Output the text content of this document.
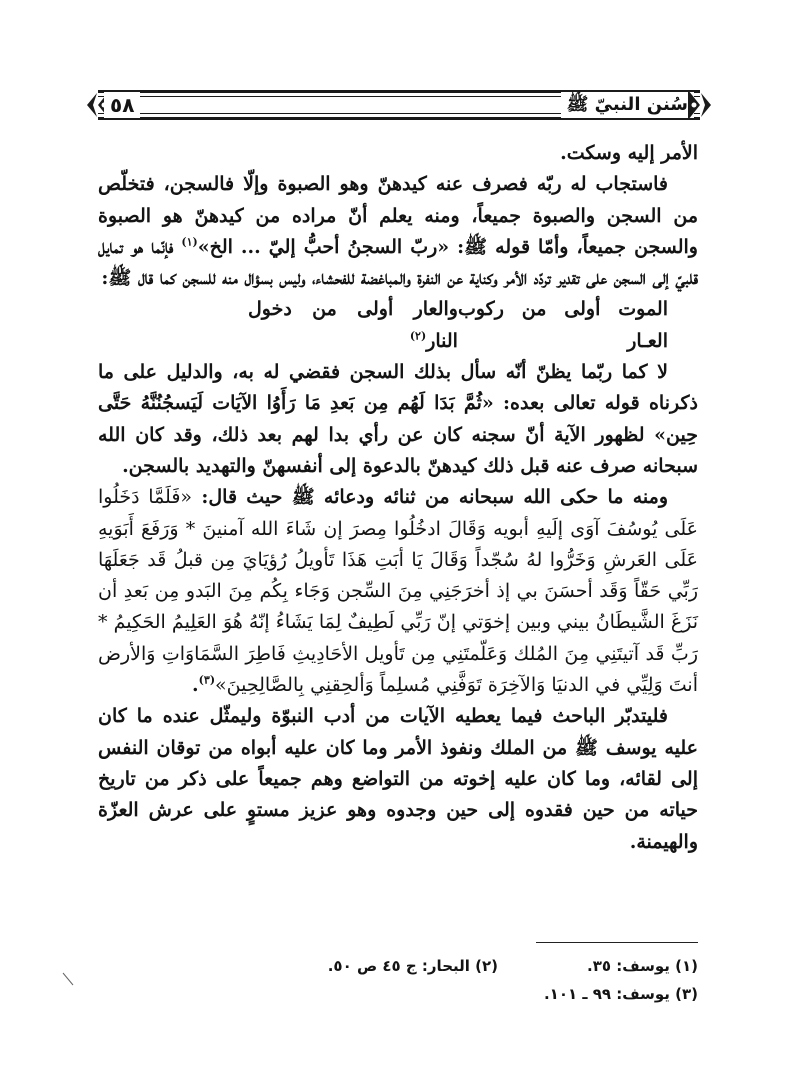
٥٨	سُنن النبيّ ﷺ

الأمر إليه وسكت.

فاستجاب له ربّه فصرف عنه كيدهنّ وهو الصبوة وإلّا فالسجن، فتخلّص من السجن والصبوة جميعاً، ومنه يعلم أنّ مراده من كيدهنّ هو الصبوة والسجن جميعاً، وأمّا قوله ﷺ: «ربّ السجنُ أحبُّ إليّ ... الخ»$^{(١)}$ فإنّما هو تمايل قلبيّ إلى السجن على تقدير تردّد الأمر وكناية عن النفرة والمباغضة للفحشاء، وليس بسؤال منه للسجن كما قال ﷺ:

الموت أولى من ركوب العـار
والعار أولى من دخول النار$^{(٢)}$

لا كما ربّما يظنّ أنّه سأل بذلك السجن فقضي له به، والدليل على ما ذكرناه قوله تعالى بعده: «ثُمَّ بَدَا لَهُم مِن بَعدِ مَا رَأَوُا الآيَات لَيَسجُنُنَّهُ حَتَّى حِين» لظهور الآية أنّ سجنه كان عن رأي بدا لهم بعد ذلك، وقد كان الله سبحانه صرف عنه قبل ذلك كيدهنّ بالدعوة إلى أنفسهنّ والتهديد بالسجن.

ومنه ما حكى الله سبحانه من ثنائه ودعائه ﷺ حيث قال: «فَلَمَّا دَخَلُوا عَلَى يُوسُفَ آوَى إلَيهِ أبويه وَقَالَ ادخُلُوا مِصرَ إن شَاءَ الله آمنينَ * وَرَفَعَ أَبَوَيهِ عَلَى العَرشِ وَخَرُّوا لهُ سُجّداً وَقَالَ يَا أبَتِ هَذَا تَأويلُ رُؤيَايَ مِن قبلُ قَد جَعَلَهَا رَبِّي حَقّاً وَقَد أحسَنَ بي إذ أخرَجَنِي مِنَ السِّجن وَجَاء بِكُم مِنَ البَدو مِن بَعدِ أن نَزَغَ الشَّيطَانُ بيني وبين إخوَتي إنّ رَبِّي لَطِيفٌ لِمَا يَشَاءُ إنّهُ هُوَ العَلِيمُ الحَكِيمُ * رَبِّ قَد آتيتَنِي مِنَ المُلك وَعَلّمتَنِي مِن تَأويل الأحَادِيثِ فَاطِرَ السَّمَاوَاتِ وَالأرض أنتَ وَلِيِّي في الدنيَا وَالآخِرَة تَوَفَّنِي مُسلِماً وَألحِقنِي بِالصَّالِحِينَ»$^{(٣)}$.

فليتدبّر الباحث فيما يعطيه الآيات من أدب النبوّة وليمثّل عنده ما كان عليه يوسف ﷺ من الملك ونفوذ الأمر وما كان عليه أبواه من توقان النفس إلى لقائه، وما كان عليه إخوته من التواضع وهم جميعاً على ذكر من تاريخ حياته من حين فقدوه إلى حين وجدوه وهو عزيز مستوٍ على عرش العزّة والهيمنة.

(١) يوسف: ٣٥.
(٢) البحار: ج ٤٥ ص ٥٠.
(٣) يوسف: ٩٩ ـ ١٠١.
